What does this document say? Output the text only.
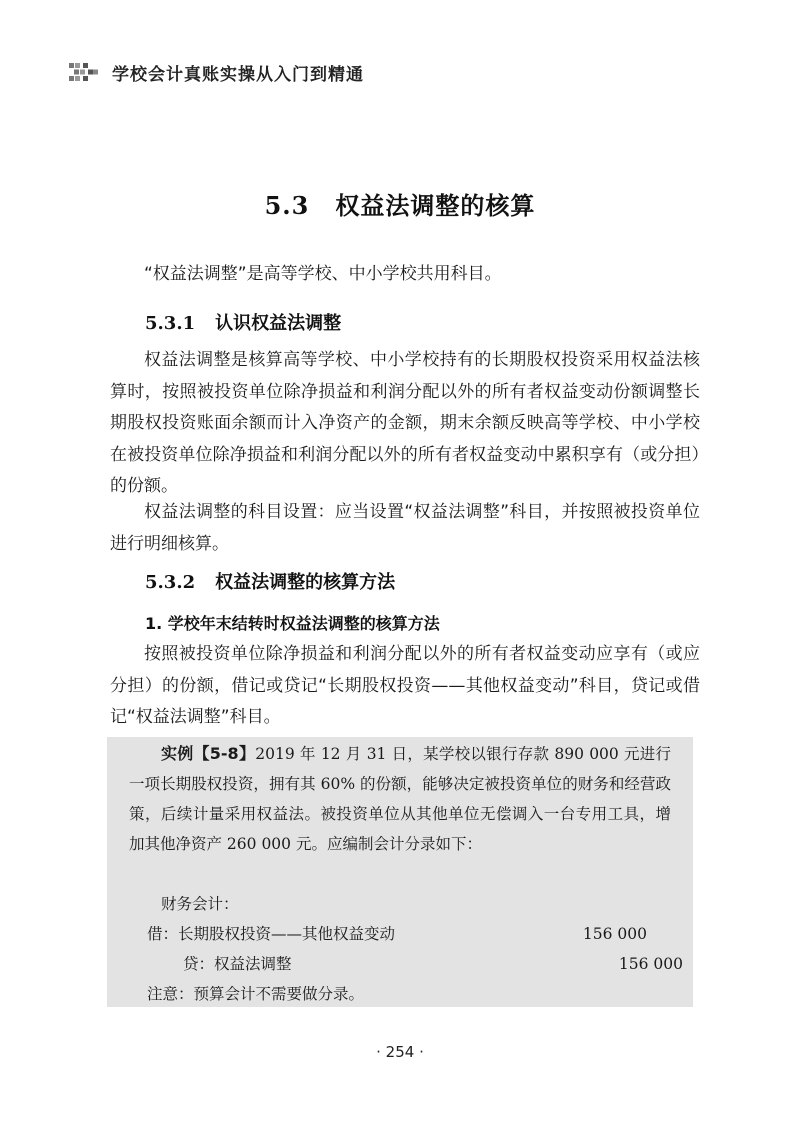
学校会计真账实操从入门到精通
5.3 权益法调整的核算

“权益法调整”是高等学校、中小学校共用科目。

5.3.1 认识权益法调整

权益法调整是核算高等学校、中小学校持有的长期股权投资采用权益法核算时，按照被投资单位除净损益和利润分配以外的所有者权益变动份额调整长期股权投资账面余额而计入净资产的金额，期末余额反映高等学校、中小学校在被投资单位除净损益和利润分配以外的所有者权益变动中累积享有（或分担）的份额。

权益法调整的科目设置：应当设置“权益法调整”科目，并按照被投资单位进行明细核算。

5.3.2 权益法调整的核算方法
1. 学校年末结转时权益法调整的核算方法

按照被投资单位除净损益和利润分配以外的所有者权益变动应享有（或应分担）的份额，借记或贷记“长期股权投资——其他权益变动”科目，贷记或借记“权益法调整”科目。

实例【5-8】2019 年 12 月 31 日，某学校以银行存款 890 000 元进行一项长期股权投资，拥有其 60% 的份额，能够决定被投资单位的财务和经营政策，后续计量采用权益法。被投资单位从其他单位无偿调入一台专用工具，增加其他净资产 260 000 元。应编制会计分录如下：

财务会计：
借：长期股权投资——其他权益变动	156 000
贷：权益法调整	156 000
注意：预算会计不需要做分录。
· 254 ·
